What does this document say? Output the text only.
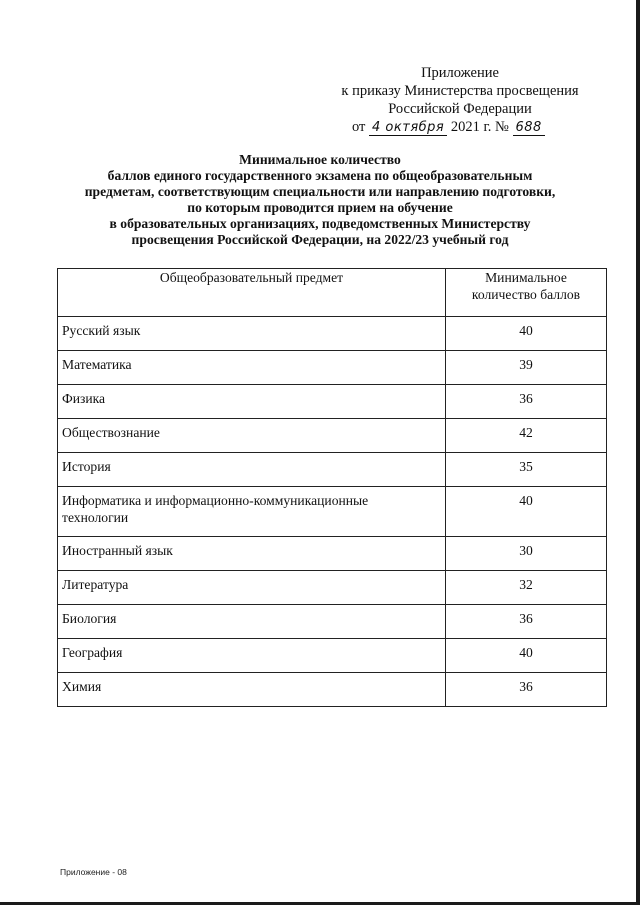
Приложение
к приказу Министерства просвещения
Российской Федерации
от 4 октября 2021 г. № 688
Минимальное количество
баллов единого государственного экзамена по общеобразовательным
предметам, соответствующим специальности или направлению подготовки,
по которым проводится прием на обучение
в образовательных организациях, подведомственных Министерству
просвещения Российской Федерации, на 2022/23 учебный год
Общеобразовательный предмет	Минимальное
количество баллов
Русский язык	40
Математика	39
Физика	36
Обществознание	42
История	35
Информатика и информационно-коммуникационные
технологии	40
Иностранный язык	30
Литература	32
Биология	36
География	40
Химия	36
Приложение - 08
